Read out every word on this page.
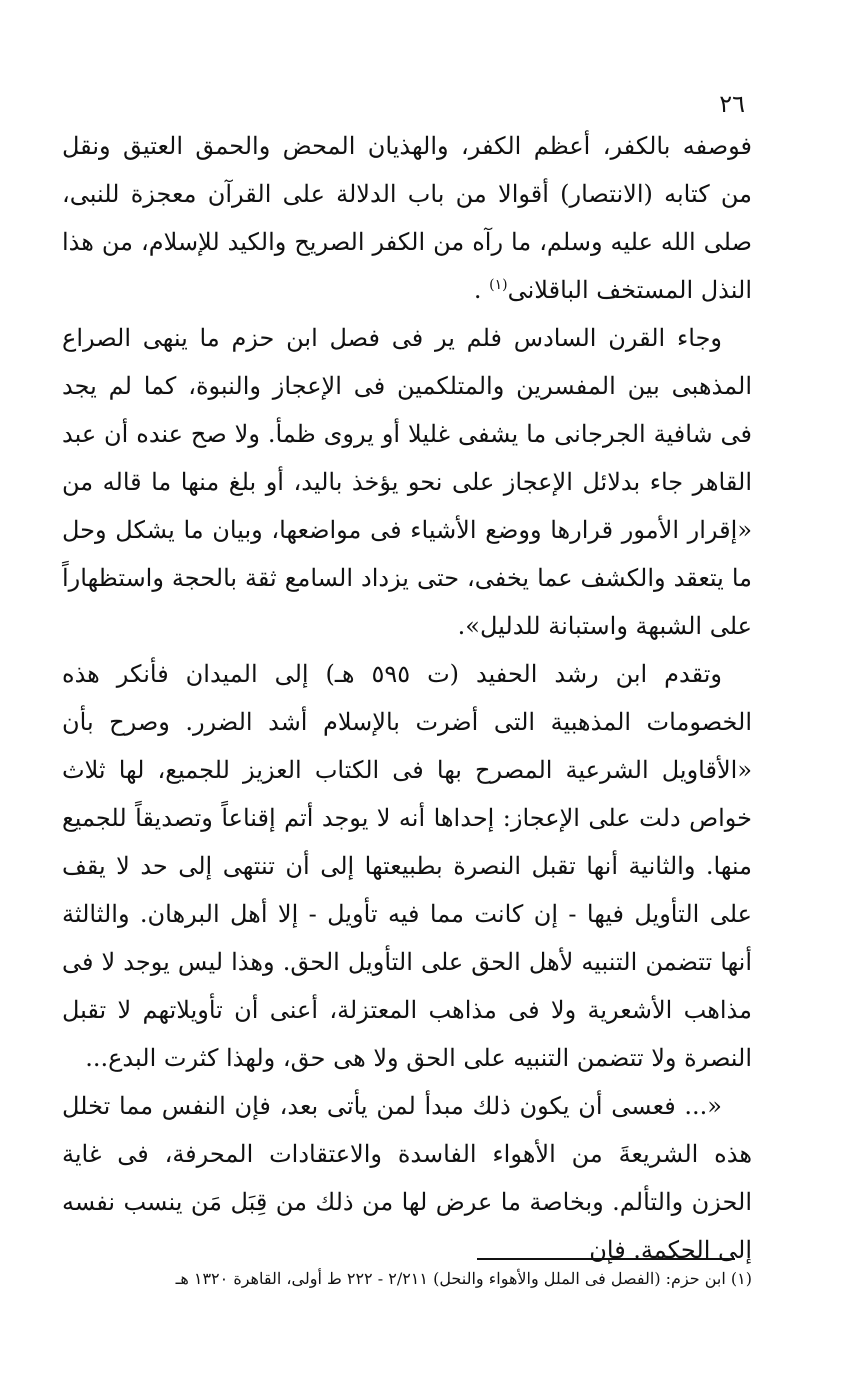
٢٦

فوصفه بالكفر، أعظم الكفر، والهذيان المحض والحمق العتيق ونقل من كتابه (الانتصار) أقوالا من باب الدلالة على القرآن معجزة للنبى، صلى الله عليه وسلم، ما رآه من الكفر الصريح والكيد للإسلام، من هذا النذل المستخف الباقلانى$^{(١)}$ .

وجاء القرن السادس فلم ير فى فصل ابن حزم ما ينهى الصراع المذهبى بين المفسرين والمتلكمين فى الإعجاز والنبوة، كما لم يجد فى شافية الجرجانى ما يشفى غليلا أو يروى ظمأ. ولا صح عنده أن عبد القاهر جاء بدلائل الإعجاز على نحو يؤخذ باليد، أو بلغ منها ما قاله من «إقرار الأمور قرارها ووضع الأشياء فى مواضعها، وبيان ما يشكل وحل ما يتعقد والكشف عما يخفى، حتى يزداد السامع ثقة بالحجة واستظهاراً على الشبهة واستبانة للدليل».

وتقدم ابن رشد الحفيد (ت ٥٩٥ هـ) إلى الميدان فأنكر هذه الخصومات المذهبية التى أضرت بالإسلام أشد الضرر. وصرح بأن «الأقاويل الشرعية المصرح بها فى الكتاب العزيز للجميع، لها ثلاث خواص دلت على الإعجاز: إحداها أنه لا يوجد أتم إقناعاً وتصديقاً للجميع منها. والثانية أنها تقبل النصرة بطبيعتها إلى أن تنتهى إلى حد لا يقف على التأويل فيها - إن كانت مما فيه تأويل - إلا أهل البرهان. والثالثة أنها تتضمن التنبيه لأهل الحق على التأويل الحق. وهذا ليس يوجد لا فى مذاهب الأشعرية ولا فى مذاهب المعتزلة، أعنى أن تأويلاتهم لا تقبل النصرة ولا تتضمن التنبيه على الحق ولا هى حق، ولهذا كثرت البدع...

«... فعسى أن يكون ذلك مبدأ لمن يأتى بعد، فإن النفس مما تخلل هذه الشريعةَ من الأهواء الفاسدة والاعتقادات المحرفة، فى غاية الحزن والتألم. وبخاصة ما عرض لها من ذلك من قِبَل مَن ينسب نفسه إلى الحكمة. فإن

(١) ابن حزم: (الفصل فى الملل والأهواء والنحل) ٢/٢١١ - ٢٢٢ ط أولى، القاهرة ١٣٢٠ هـ
